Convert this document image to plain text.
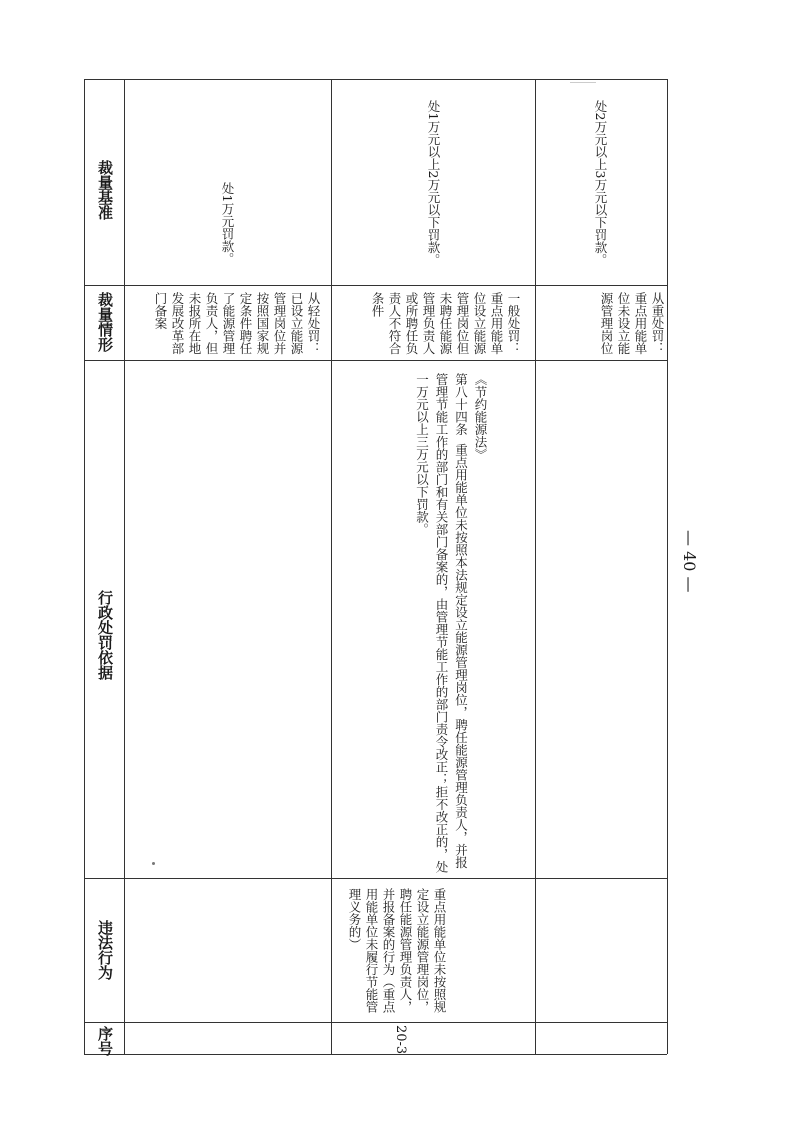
序号
违法行为
行政处罚依据
裁量情形
裁量基准
20-3
重点用能单位未按照规定设立能源管理岗位，聘任能源管理负责人，并报备案的行为（重点用能单位未履行节能管理义务的）
《节约能源法》
第八十四条  重点用能单位未按照本法规定设立能源管理岗位，聘任能源管理负责人，并报管理节能工作的部门和有关部门备案的，由管理节能工作的部门责令改正；拒不改正的，处一万元以上三万元以下罚款。
从轻处罚：已设立能源管理岗位并按照国家规定条件聘任了能源管理负责人，但未报所在地发展改革部门备案
处1万元罚款。
一般处罚：重点用能单位设立能源管理岗位但未聘任能源管理负责人或所聘任负责人不符合条件
处1万元以上2万元以下罚款。
从重处罚：重点用能单位未设立能源管理岗位
处2万元以上3万元以下罚款。
— 40 —
